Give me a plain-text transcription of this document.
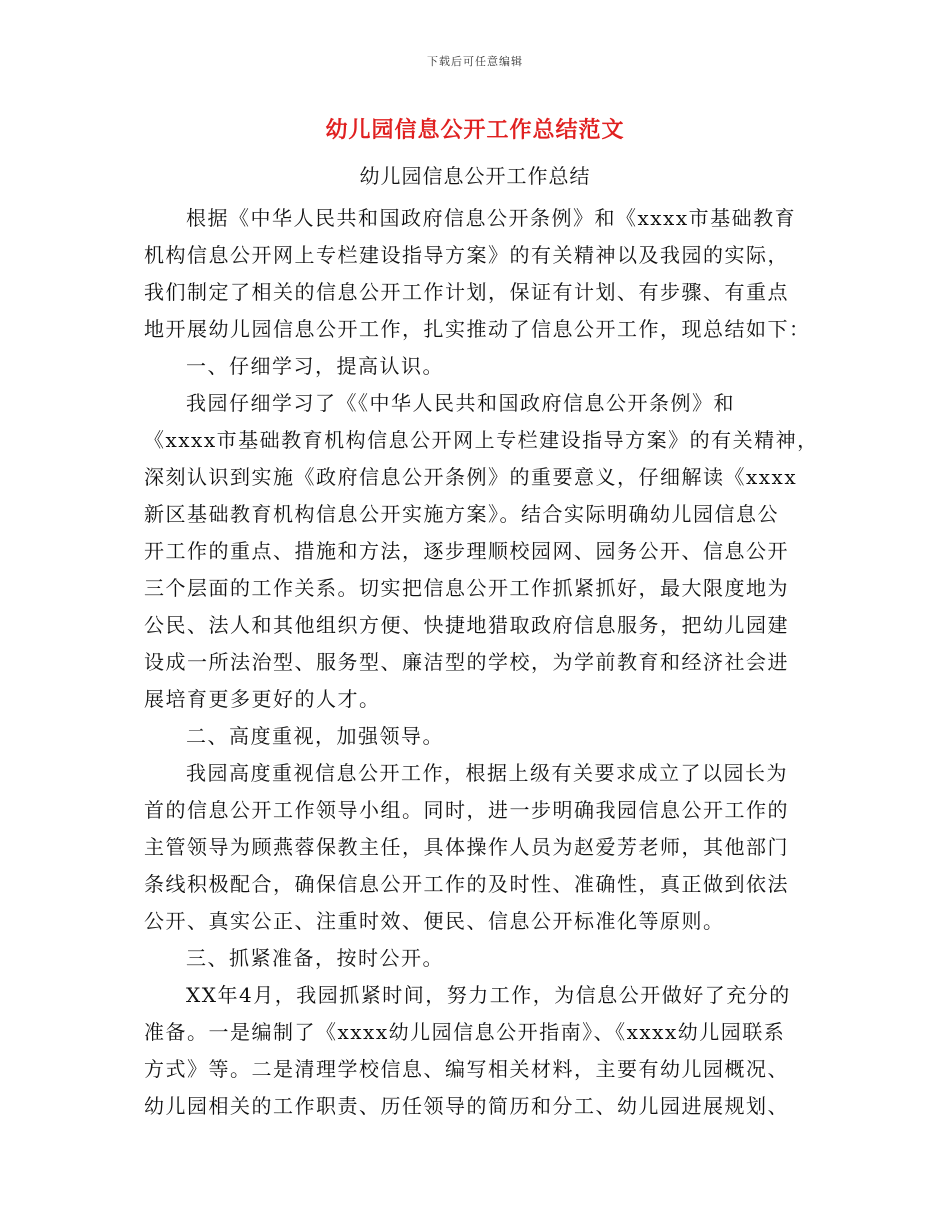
下载后可任意编辑
幼儿园信息公开工作总结范文
幼儿园信息公开工作总结
根据《中华人民共和国政府信息公开条例》和《xxxx市基础教育
机构信息公开网上专栏建设指导方案》的有关精神以及我园的实际，
我们制定了相关的信息公开工作计划，保证有计划、有步骤、有重点
地开展幼儿园信息公开工作，扎实推动了信息公开工作，现总结如下：
一、仔细学习，提高认识。
我园仔细学习了《《中华人民共和国政府信息公开条例》和
《xxxx市基础教育机构信息公开网上专栏建设指导方案》的有关精神，
深刻认识到实施《政府信息公开条例》的重要意义，仔细解读《xxxx
新区基础教育机构信息公开实施方案》。结合实际明确幼儿园信息公
开工作的重点、措施和方法，逐步理顺校园网、园务公开、信息公开
三个层面的工作关系。切实把信息公开工作抓紧抓好，最大限度地为
公民、法人和其他组织方便、快捷地猎取政府信息服务，把幼儿园建
设成一所法治型、服务型、廉洁型的学校，为学前教育和经济社会进
展培育更多更好的人才。
二、高度重视，加强领导。
我园高度重视信息公开工作，根据上级有关要求成立了以园长为
首的信息公开工作领导小组。同时，进一步明确我园信息公开工作的
主管领导为顾燕蓉保教主任，具体操作人员为赵爱芳老师，其他部门
条线积极配合，确保信息公开工作的及时性、准确性，真正做到依法
公开、真实公正、注重时效、便民、信息公开标准化等原则。
三、抓紧准备，按时公开。
XX年4月，我园抓紧时间，努力工作，为信息公开做好了充分的
准备。一是编制了《xxxx幼儿园信息公开指南》、《xxxx幼儿园联系
方式》等。二是清理学校信息、编写相关材料，主要有幼儿园概况、
幼儿园相关的工作职责、历任领导的简历和分工、幼儿园进展规划、
